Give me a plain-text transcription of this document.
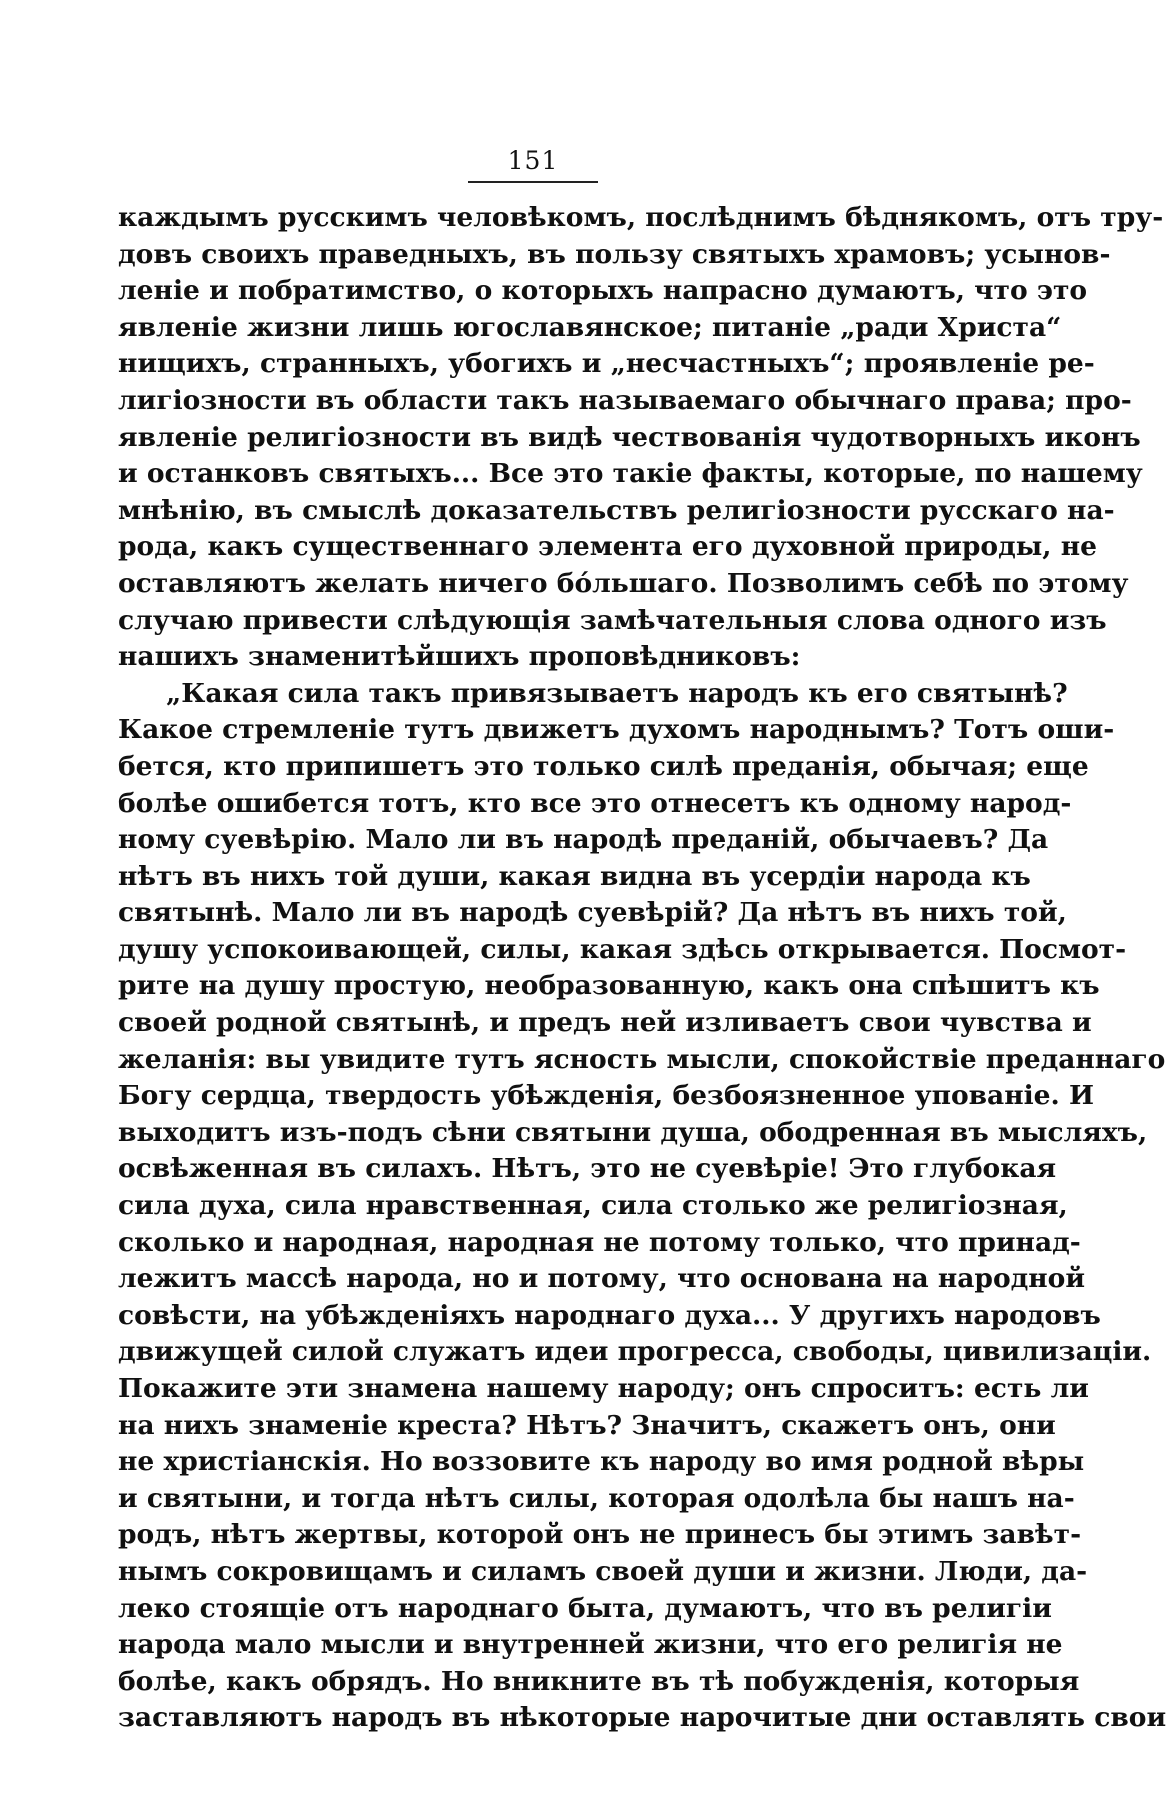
151
каждымъ русскимъ человѣкомъ, послѣднимъ бѣднякомъ, отъ тру-
довъ своихъ праведныхъ, въ пользу святыхъ храмовъ; усынов-
леніе и побратимство, о которыхъ напрасно думаютъ, что это
явленіе жизни лишь югославянское; питаніе „ради Христа“
нищихъ, странныхъ, убогихъ и „несчастныхъ“; проявленіе ре-
лигіозности въ области такъ называемаго обычнаго права; про-
явленіе религіозности въ видѣ чествованія чудотворныхъ иконъ
и останковъ святыхъ... Все это такіе факты, которые, по нашему
мнѣнію, въ смыслѣ доказательствъ религіозности русскаго на-
рода, какъ существеннаго элемента его духовной природы, не
оставляютъ желать ничего бо́льшаго. Позволимъ себѣ по этому
случаю привести слѣдующія замѣчательныя слова одного изъ
нашихъ знаменитѣйшихъ проповѣдниковъ:
„Какая сила такъ привязываетъ народъ къ его святынѣ?
Какое стремленіе тутъ движетъ духомъ народнымъ? Тотъ оши-
бется, кто припишетъ это только силѣ преданія, обычая; еще
болѣе ошибется тотъ, кто все это отнесетъ къ одному народ-
ному суевѣрію. Мало ли въ народѣ преданій, обычаевъ? Да
нѣтъ въ нихъ той души, какая видна въ усердіи народа къ
святынѣ. Мало ли въ народѣ суевѣрій? Да нѣтъ въ нихъ той,
душу успокоивающей, силы, какая здѣсь открывается. Посмот-
рите на душу простую, необразованную, какъ она спѣшитъ къ
своей родной святынѣ, и предъ ней изливаетъ свои чувства и
желанія: вы увидите тутъ ясность мысли, спокойствіе преданнаго
Богу сердца, твердость убѣжденія, безбоязненное упованіе. И
выходитъ изъ-подъ сѣни святыни душа, ободренная въ мысляхъ,
освѣженная въ силахъ. Нѣтъ, это не суевѣріе! Это глубокая
сила духа, сила нравственная, сила столько же религіозная,
сколько и народная, народная не потому только, что принад-
лежитъ массѣ народа, но и потому, что основана на народной
совѣсти, на убѣжденіяхъ народнаго духа... У другихъ народовъ
движущей силой служатъ идеи прогресса, свободы, цивилизаціи.
Покажите эти знамена нашему народу; онъ спроситъ: есть ли
на нихъ знаменіе креста? Нѣтъ? Значитъ, скажетъ онъ, они
не христіанскія. Но воззовите къ народу во имя родной вѣры
и святыни, и тогда нѣтъ силы, которая одолѣла бы нашъ на-
родъ, нѣтъ жертвы, которой онъ не принесъ бы этимъ завѣт-
нымъ сокровищамъ и силамъ своей души и жизни. Люди, да-
леко стоящіе отъ народнаго быта, думаютъ, что въ религіи
народа мало мысли и внутренней жизни, что его религія не
болѣе, какъ обрядъ. Но вникните въ тѣ побужденія, которыя
заставляютъ народъ въ нѣкоторые нарочитые дни оставлять свои
